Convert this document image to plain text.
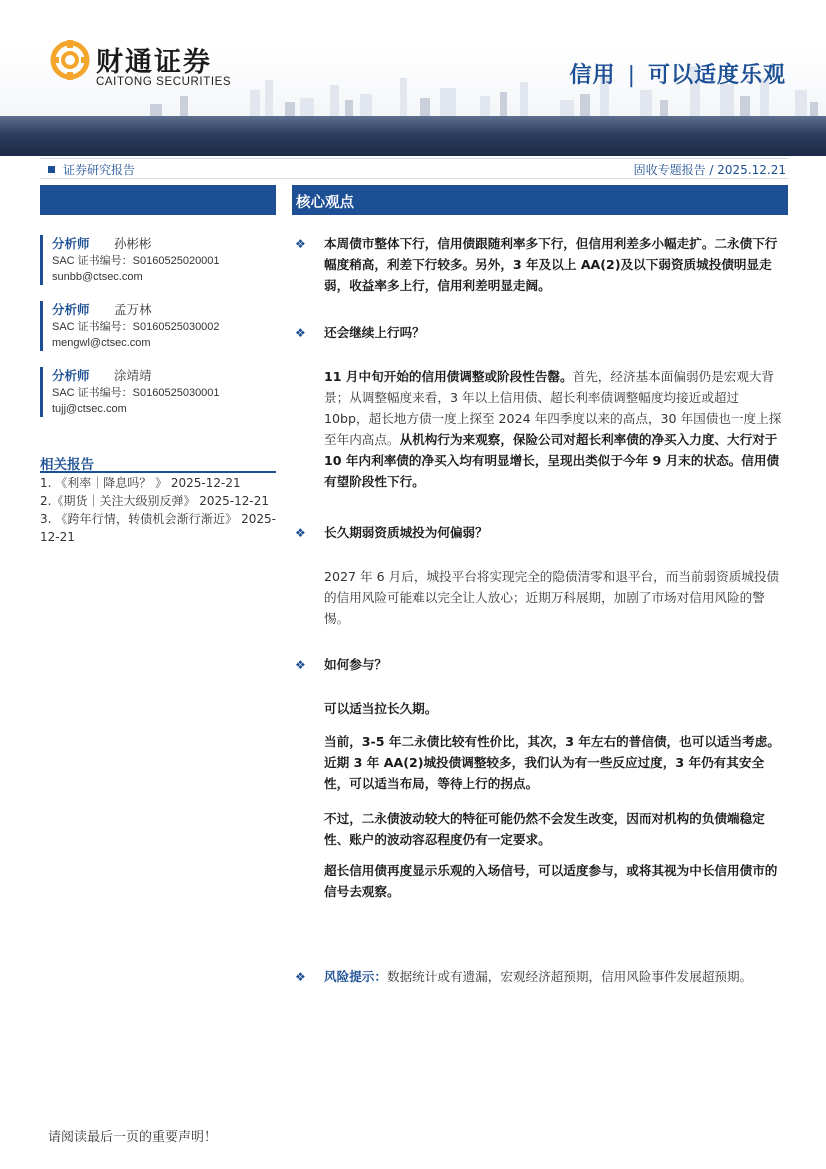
财通证券
CAITONG SECURITIES	信用 | 可以适度乐观
证券研究报告	固收专题报告 / 2025.12.21
分析师 孙彬彬
SAC 证书编号：S0160525020001
sunbb@ctsec.com
分析师 孟万林
SAC 证书编号：S0160525030002
mengwl@ctsec.com
分析师 涂靖靖
SAC 证书编号：S0160525030001
tujj@ctsec.com
相关报告
1. 《利率｜降息吗？ 》 2025-12-21
2.《期货｜关注大级别反弹》 2025-12-21
3. 《跨年行情，转债机会渐行渐近》 2025-12-21
核心观点
❖ 本周债市整体下行，信用债跟随利率多下行，但信用利差多小幅走扩。二永债下行幅度稍高，利差下行较多。另外，3 年及以上 AA(2)及以下弱资质城投债明显走弱，收益率多上行，信用利差明显走阔。
❖ 还会继续上行吗？
11 月中旬开始的信用债调整或阶段性告罄。首先，经济基本面偏弱仍是宏观大背景；从调整幅度来看，3 年以上信用债、超长利率债调整幅度均接近或超过 10bp，超长地方债一度上探至 2024 年四季度以来的高点，30 年国债也一度上探至年内高点。从机构行为来观察，保险公司对超长利率债的净买入力度、大行对于 10 年内利率债的净买入均有明显增长，呈现出类似于今年 9 月末的状态。信用债有望阶段性下行。
❖ 长久期弱资质城投为何偏弱？
2027 年 6 月后，城投平台将实现完全的隐债清零和退平台，而当前弱资质城投债的信用风险可能难以完全让人放心；近期万科展期，加剧了市场对信用风险的警惕。
❖ 如何参与？
可以适当拉长久期。
当前，3-5 年二永债比较有性价比，其次，3 年左右的普信债，也可以适当考虑。近期 3 年 AA(2)城投债调整较多，我们认为有一些反应过度，3 年仍有其安全性，可以适当布局，等待上行的拐点。
不过，二永债波动较大的特征可能仍然不会发生改变，因而对机构的负债端稳定性、账户的波动容忍程度仍有一定要求。
超长信用债再度显示乐观的入场信号，可以适度参与，或将其视为中长信用债市的信号去观察。
❖ 风险提示：数据统计或有遗漏，宏观经济超预期，信用风险事件发展超预期。
请阅读最后一页的重要声明！
